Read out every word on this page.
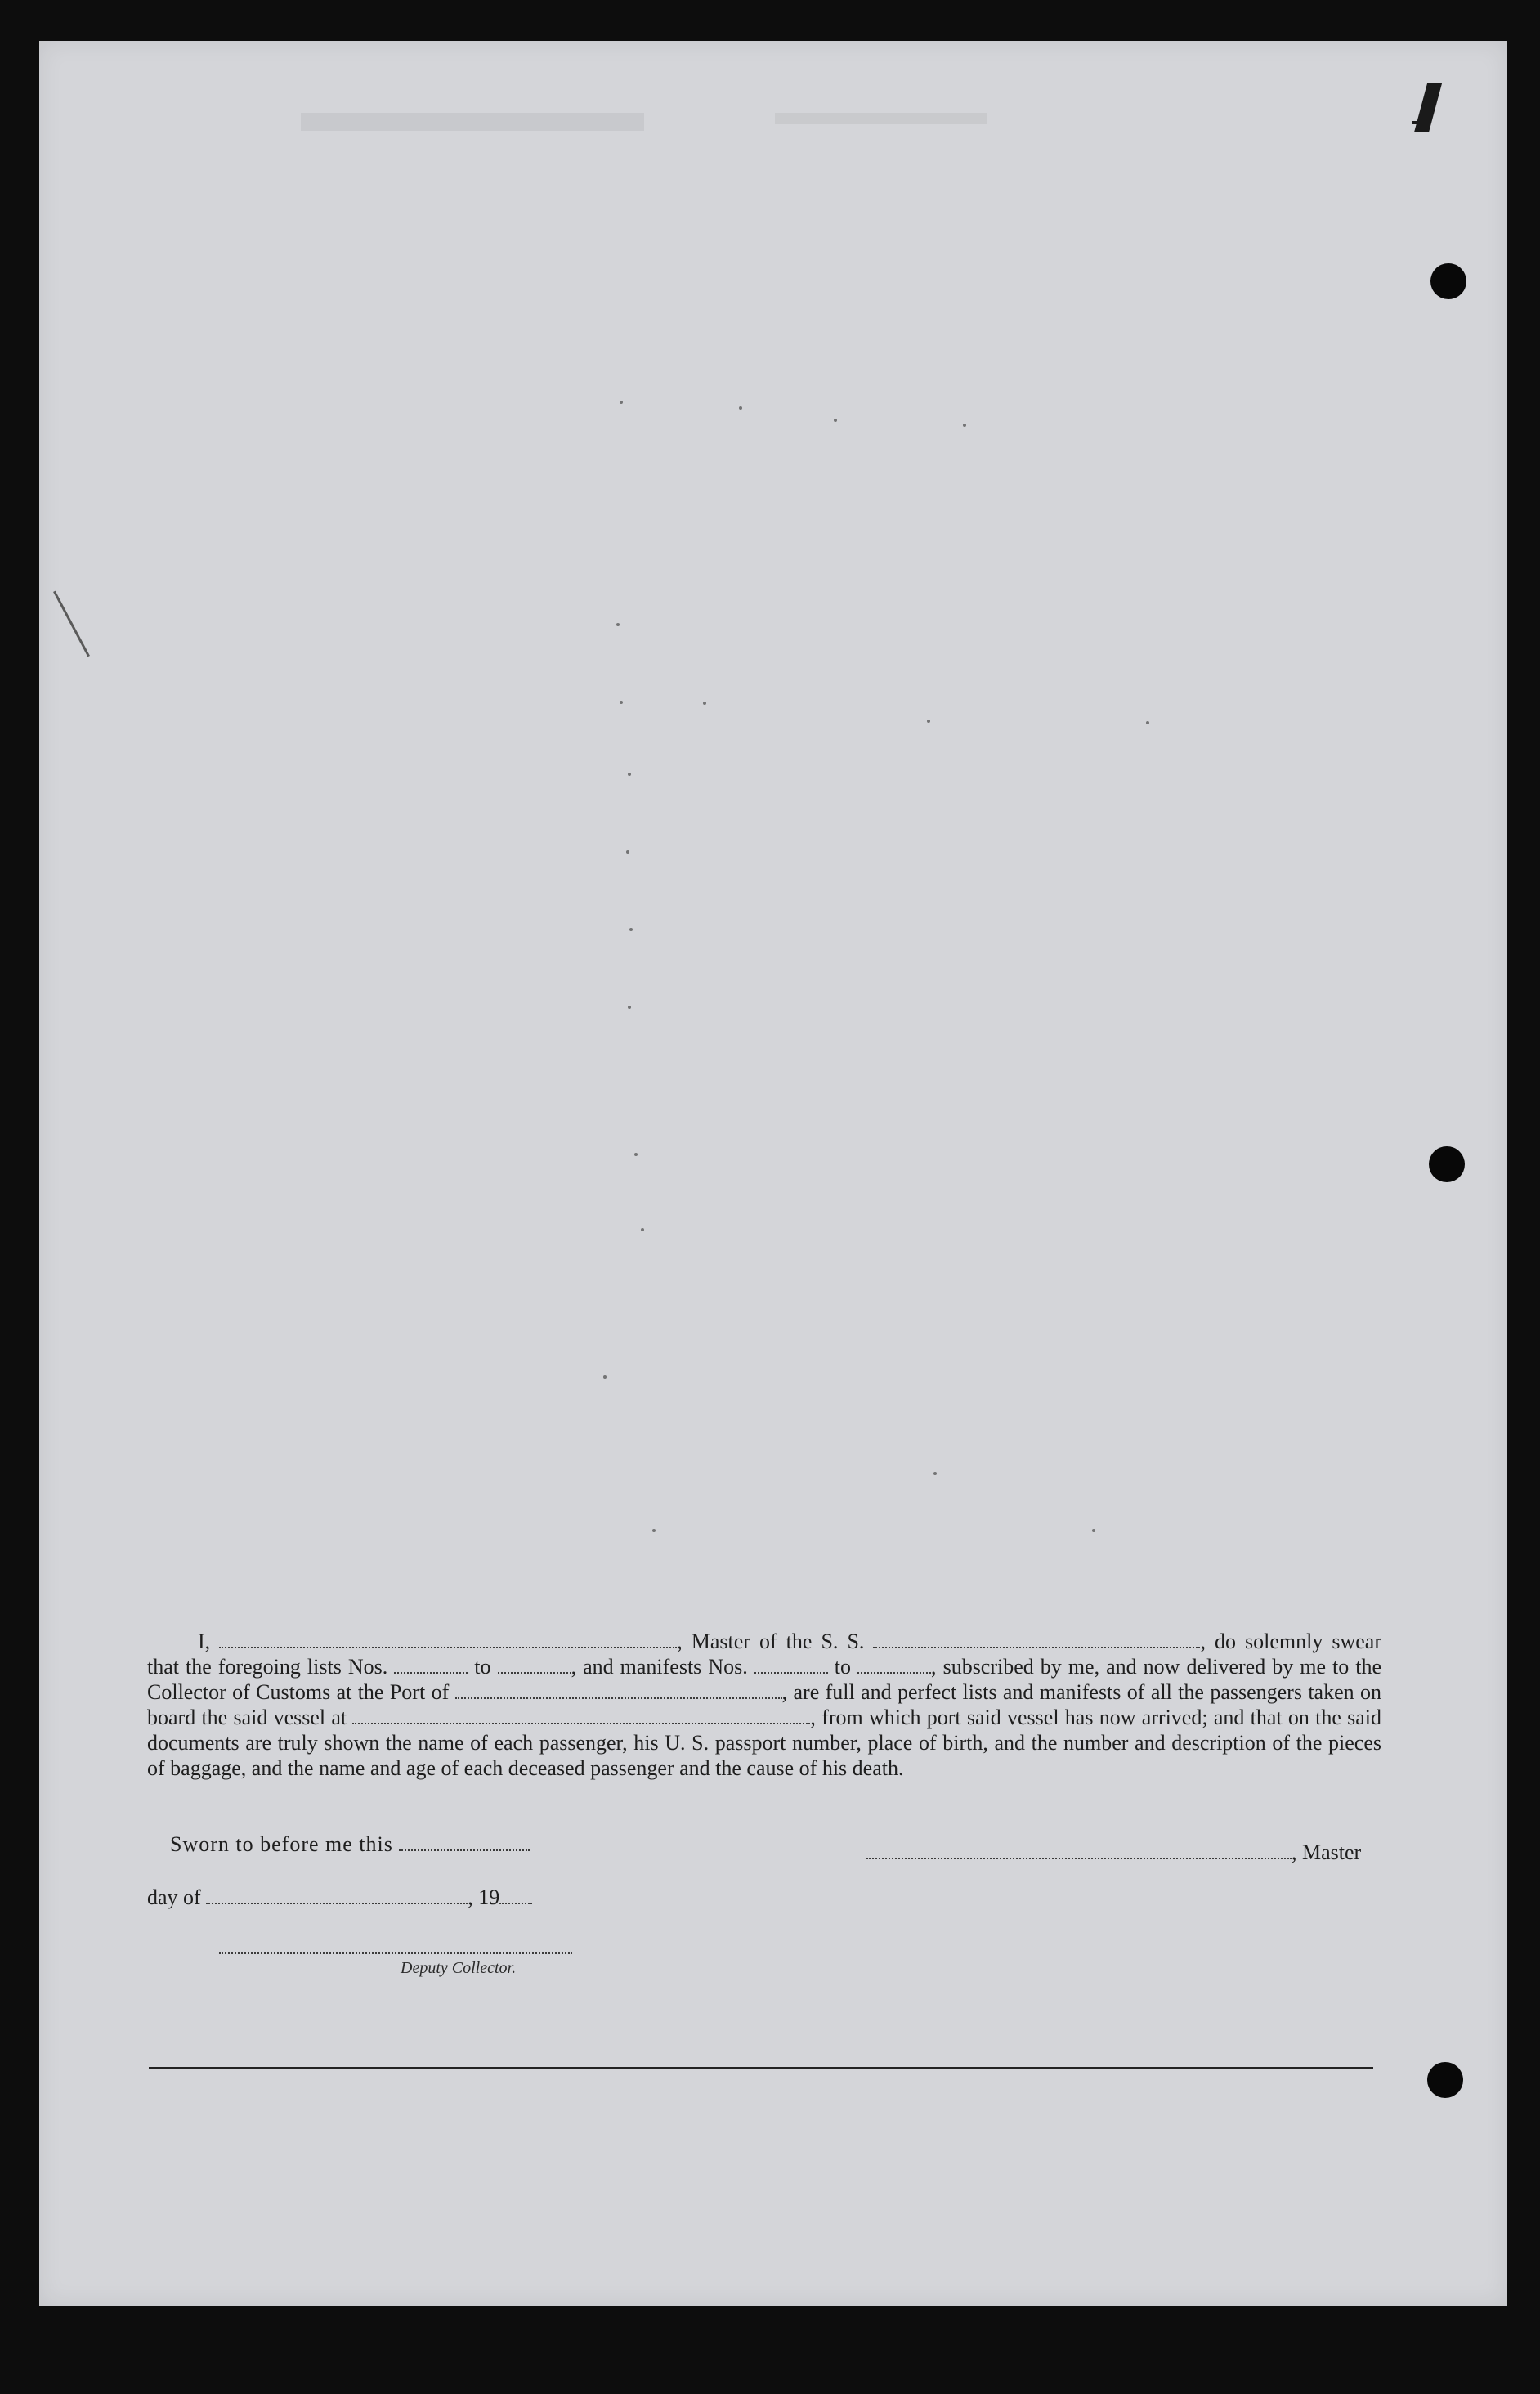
I,	, Master of the S. S.	, do solemnly swear that the foregoing lists Nos.	to	, and manifests Nos.	to	, subscribed by me, and now delivered by me to the Collector of Customs at the Port of	, are full and perfect lists and manifests of all the passengers taken on board the said vessel at	, from which port said vessel has now arrived; and that on the said documents are truly shown the name of each passenger, his U. S. passport number, place of birth, and the number and description of the pieces of baggage, and the name and age of each deceased passenger and the cause of his death.
Sworn to before me this	, Master
day of	, 19
Deputy Collector.
